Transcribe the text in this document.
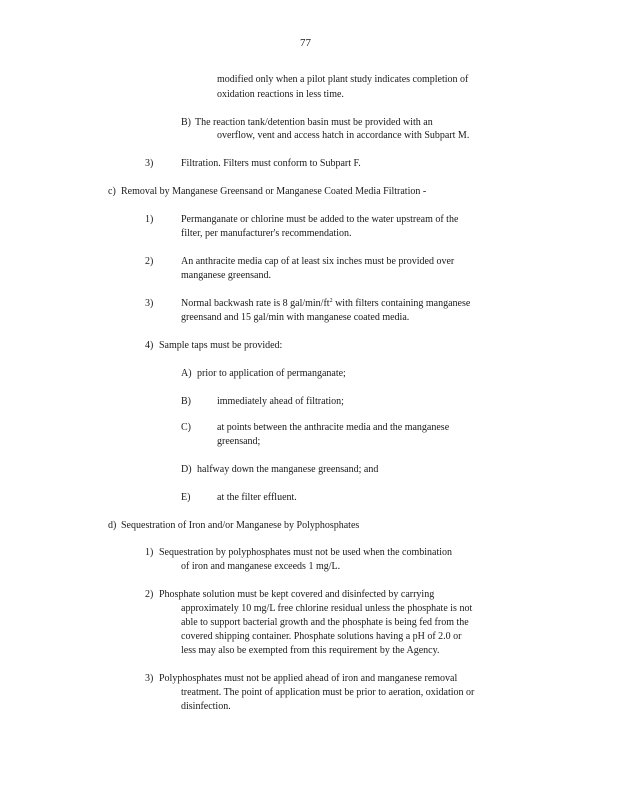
77
modified only when a pilot plant study indicates completion of
oxidation reactions in less time.
B) The reaction tank/detention basin must be provided with an
overflow, vent and access hatch in accordance with Subpart M.
3)	Filtration. Filters must conform to Subpart F.
c) Removal by Manganese Greensand or Manganese Coated Media Filtration -
1)	Permanganate or chlorine must be added to the water upstream of the
filter, per manufacturer's recommendation.
2)	An anthracite media cap of at least six inches must be provided over
manganese greensand.
3)	Normal backwash rate is 8 gal/$\min/ft^2$ with filters containing manganese
greensand and 15 gal/min with manganese coated media.
4) Sample taps must be provided:
A) prior to application of permanganate;
B)	immediately ahead of filtration;
C)	at points between the anthracite media and the manganese
greensand;
D) halfway down the manganese greensand; and
E)	at the filter effluent.
d) Sequestration of Iron and/or Manganese by Polyphosphates
1) Sequestration by polyphosphates must not be used when the combination
of iron and manganese exceeds 1 mg/L.
2) Phosphate solution must be kept covered and disinfected by carrying
approximately 10 mg/L free chlorine residual unless the phosphate is not
able to support bacterial growth and the phosphate is being fed from the
covered shipping container. Phosphate solutions having a pH of 2.0 or
less may also be exempted from this requirement by the Agency.
3) Polyphosphates must not be applied ahead of iron and manganese removal
treatment. The point of application must be prior to aeration, oxidation or
disinfection.
